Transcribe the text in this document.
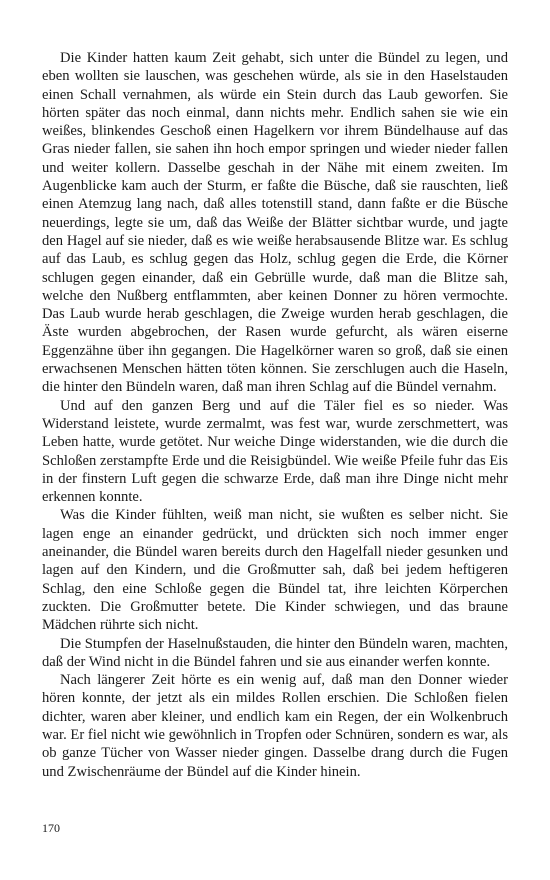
Die Kinder hatten kaum Zeit gehabt, sich unter die Bündel zu legen, und eben wollten sie lauschen, was geschehen würde, als sie in den Haselstauden einen Schall vernahmen, als würde ein Stein durch das Laub geworfen. Sie hörten später das noch einmal, dann nichts mehr. Endlich sahen sie wie ein weißes, blinkendes Geschoß einen Hagelkern vor ihrem Bündelhause auf das Gras nieder fallen, sie sahen ihn hoch empor springen und wieder nieder fallen und weiter kollern. Dasselbe geschah in der Nähe mit einem zweiten. Im Augenblicke kam auch der Sturm, er faßte die Büsche, daß sie rauschten, ließ einen Atemzug lang nach, daß alles totenstill stand, dann faßte er die Büsche neuerdings, legte sie um, daß das Weiße der Blätter sichtbar wurde, und jagte den Hagel auf sie nieder, daß es wie weiße herabsausende Blitze war. Es schlug auf das Laub, es schlug gegen das Holz, schlug gegen die Erde, die Körner schlugen gegen einander, daß ein Gebrülle wurde, daß man die Blitze sah, welche den Nußberg entflammten, aber keinen Donner zu hören vermochte. Das Laub wurde herab geschlagen, die Zweige wurden herab geschlagen, die Äste wurden abgebrochen, der Rasen wurde gefurcht, als wären eiserne Eggenzähne über ihn gegangen. Die Hagelkörner waren so groß, daß sie einen erwachsenen Menschen hätten töten können. Sie zerschlugen auch die Haseln, die hinter den Bündeln waren, daß man ihren Schlag auf die Bündel vernahm.

Und auf den ganzen Berg und auf die Täler fiel es so nieder. Was Widerstand leistete, wurde zermalmt, was fest war, wurde zerschmettert, was Leben hatte, wurde getötet. Nur weiche Dinge widerstanden, wie die durch die Schloßen zerstampfte Erde und die Reisigbündel. Wie weiße Pfeile fuhr das Eis in der finstern Luft gegen die schwarze Erde, daß man ihre Dinge nicht mehr erkennen konnte.

Was die Kinder fühlten, weiß man nicht, sie wußten es selber nicht. Sie lagen enge an einander gedrückt, und drückten sich noch immer enger aneinander, die Bündel waren bereits durch den Hagelfall nieder gesunken und lagen auf den Kindern, und die Großmutter sah, daß bei jedem heftigeren Schlag, den eine Schloße gegen die Bündel tat, ihre leichten Körperchen zuckten. Die Großmutter betete. Die Kinder schwiegen, und das braune Mädchen rührte sich nicht.

Die Stumpfen der Haselnußstauden, die hinter den Bündeln waren, machten, daß der Wind nicht in die Bündel fahren und sie aus einander werfen konnte.

Nach längerer Zeit hörte es ein wenig auf, daß man den Donner wieder hören konnte, der jetzt als ein mildes Rollen erschien. Die Schloßen fielen dichter, waren aber kleiner, und endlich kam ein Regen, der ein Wolkenbruch war. Er fiel nicht wie gewöhnlich in Tropfen oder Schnüren, sondern es war, als ob ganze Tücher von Wasser nieder gingen. Dasselbe drang durch die Fugen und Zwischenräume der Bündel auf die Kinder hinein.

170
